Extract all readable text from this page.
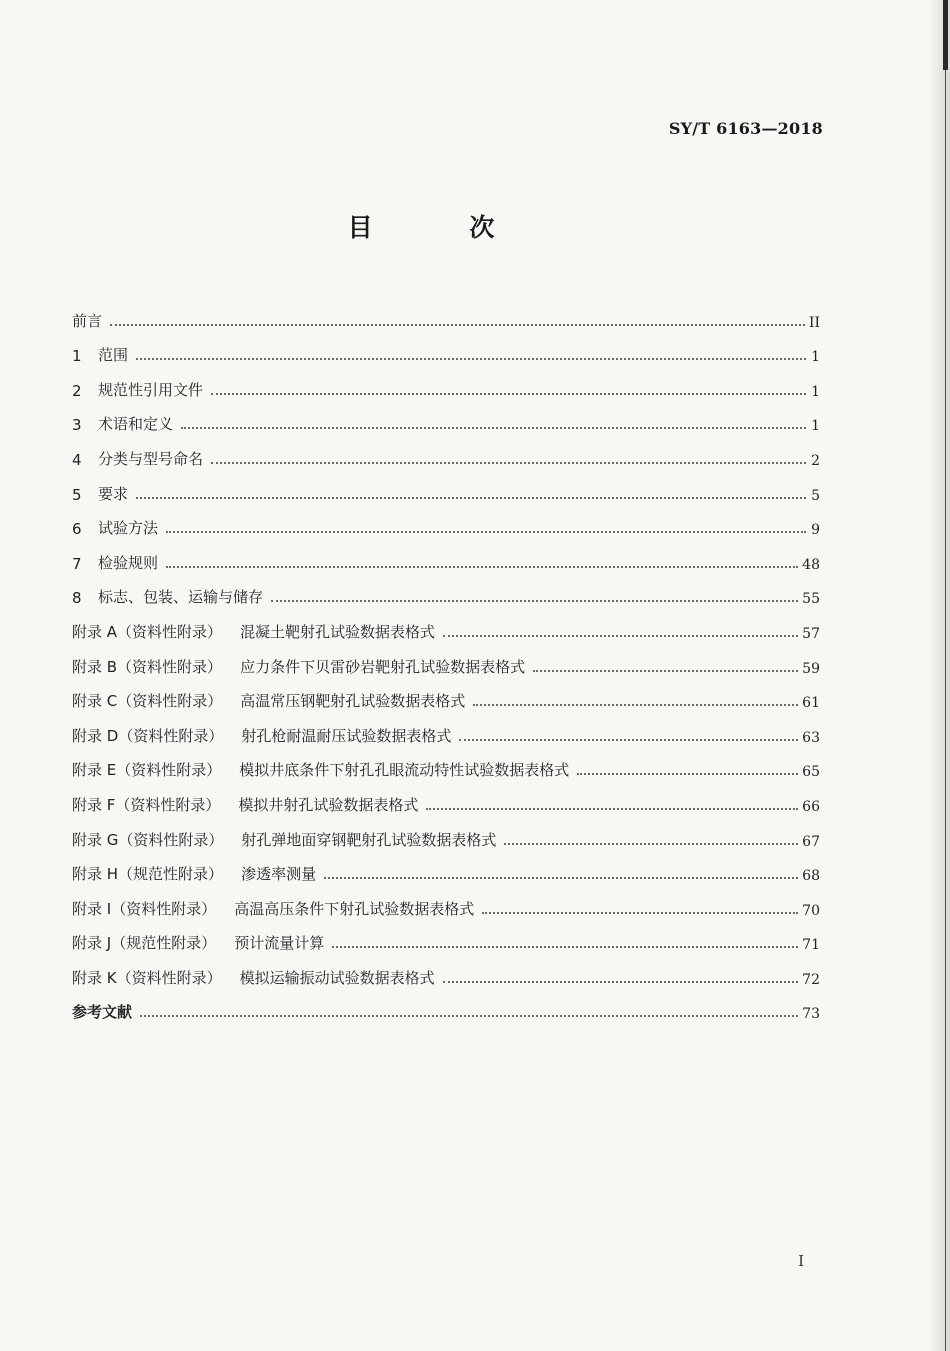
SY/T 6163—2018
目 次
前言	II
1	范围	1
2	规范性引用文件	1
3	术语和定义	1
4	分类与型号命名	2
5	要求	5
6	试验方法	9
7	检验规则	48
8	标志、包装、运输与储存	55
附录 A（资料性附录） 混凝土靶射孔试验数据表格式	57
附录 B（资料性附录） 应力条件下贝雷砂岩靶射孔试验数据表格式	59
附录 C（资料性附录） 高温常压钢靶射孔试验数据表格式	61
附录 D（资料性附录） 射孔枪耐温耐压试验数据表格式	63
附录 E（资料性附录） 模拟井底条件下射孔孔眼流动特性试验数据表格式	65
附录 F（资料性附录） 模拟井射孔试验数据表格式	66
附录 G（资料性附录） 射孔弹地面穿钢靶射孔试验数据表格式	67
附录 H（规范性附录） 渗透率测量	68
附录 I（资料性附录） 高温高压条件下射孔试验数据表格式	70
附录 J（规范性附录） 预计流量计算	71
附录 K（资料性附录） 模拟运输振动试验数据表格式	72
参考文献	73
I
